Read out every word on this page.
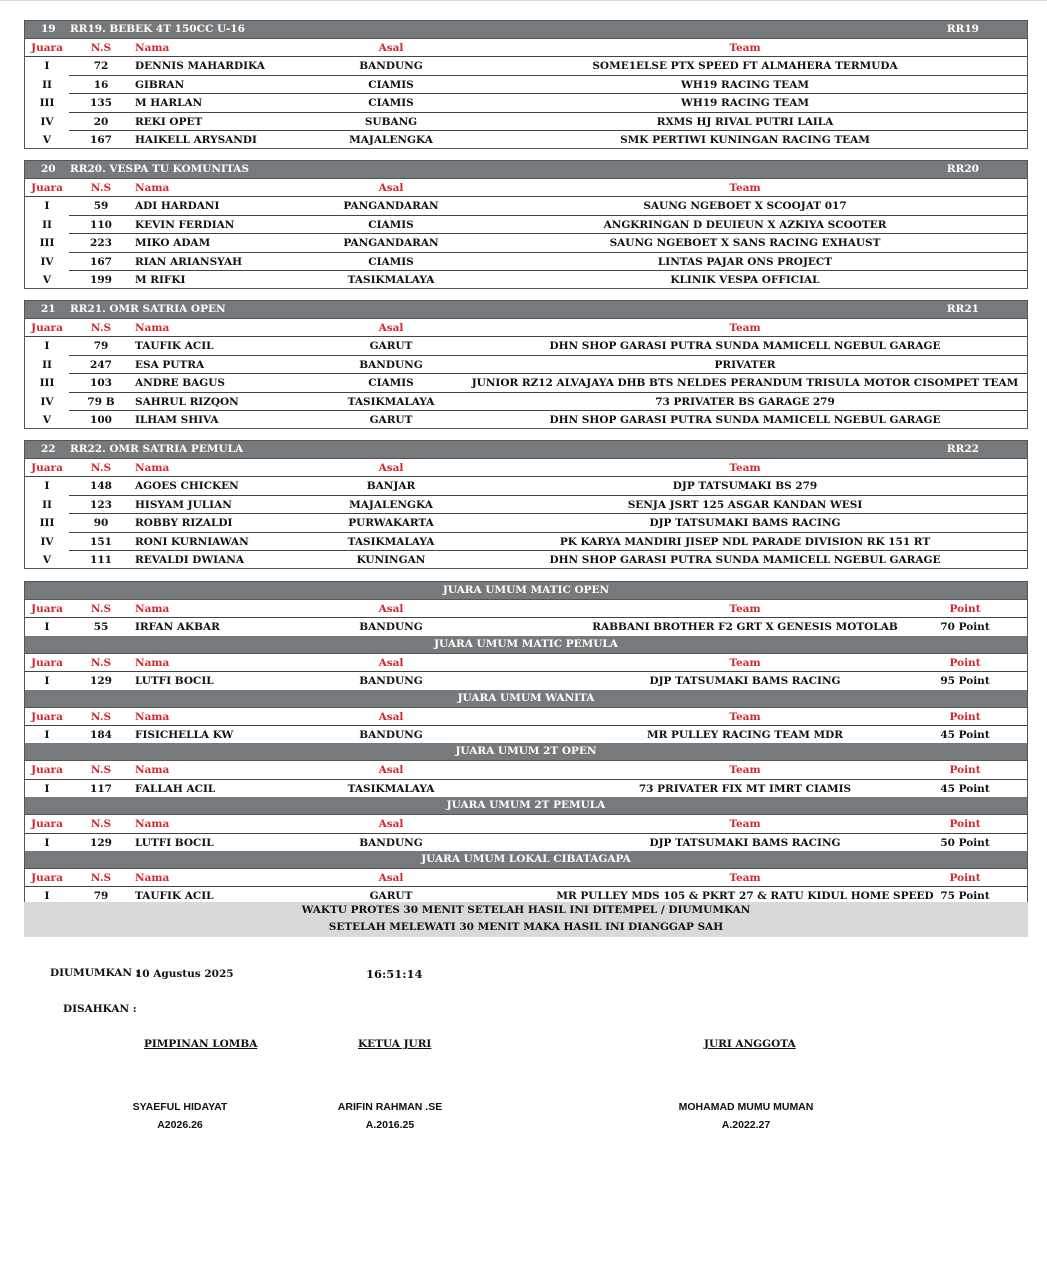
19 RR19. BEBEK 4T 150CC U-16	RR19
Juara	N.S	Nama	Asal	Team
I	72	DENNIS MAHARDIKA	BANDUNG	SOME1ELSE PTX SPEED FT ALMAHERA TERMUDA
II	16	GIBRAN	CIAMIS	WH19 RACING TEAM
III	135	M HARLAN	CIAMIS	WH19 RACING TEAM
IV	20	REKI OPET	SUBANG	RXMS HJ RIVAL PUTRI LAILA
V	167	HAIKELL ARYSANDI	MAJALENGKA	SMK PERTIWI KUNINGAN RACING TEAM
20 RR20. VESPA TU KOMUNITAS	RR20
Juara	N.S	Nama	Asal	Team
I	59	ADI HARDANI	PANGANDARAN	SAUNG NGEBOET X SCOOJAT 017
II	110	KEVIN FERDIAN	CIAMIS	ANGKRINGAN D DEUIEUN X AZKIYA SCOOTER
III	223	MIKO ADAM	PANGANDARAN	SAUNG NGEBOET X SANS RACING EXHAUST
IV	167	RIAN ARIANSYAH	CIAMIS	LINTAS PAJAR ONS PROJECT
V	199	M RIFKI	TASIKMALAYA	KLINIK VESPA OFFICIAL
21 RR21. OMR SATRIA OPEN	RR21
Juara	N.S	Nama	Asal	Team
I	79	TAUFIK ACIL	GARUT	DHN SHOP GARASI PUTRA SUNDA MAMICELL NGEBUL GARAGE
II	247	ESA PUTRA	BANDUNG	PRIVATER
III	103	ANDRE BAGUS	CIAMIS	JUNIOR RZ12 ALVAJAYA DHB BTS NELDES PERANDUM TRISULA MOTOR CISOMPET TEAM
IV	79 B	SAHRUL RIZQON	TASIKMALAYA	73 PRIVATER BS GARAGE 279
V	100	ILHAM SHIVA	GARUT	DHN SHOP GARASI PUTRA SUNDA MAMICELL NGEBUL GARAGE
22 RR22. OMR SATRIA PEMULA	RR22
Juara	N.S	Nama	Asal	Team
I	148	AGOES CHICKEN	BANJAR	DJP TATSUMAKI BS 279
II	123	HISYAM JULIAN	MAJALENGKA	SENJA JSRT 125 ASGAR KANDAN WESI
III	90	ROBBY RIZALDI	PURWAKARTA	DJP TATSUMAKI BAMS RACING
IV	151	RONI KURNIAWAN	TASIKMALAYA	PK KARYA MANDIRI JISEP NDL PARADE DIVISION RK 151 RT
V	111	REVALDI DWIANA	KUNINGAN	DHN SHOP GARASI PUTRA SUNDA MAMICELL NGEBUL GARAGE
JUARA UMUM MATIC OPEN
Juara	N.S	Nama	Asal	Team	Point
I	55	IRFAN AKBAR	BANDUNG	RABBANI BROTHER F2 GRT X GENESIS MOTOLAB	70 Point
JUARA UMUM MATIC PEMULA
Juara	N.S	Nama	Asal	Team	Point
I	129	LUTFI BOCIL	BANDUNG	DJP TATSUMAKI BAMS RACING	95 Point
JUARA UMUM WANITA
Juara	N.S	Nama	Asal	Team	Point
I	184	FISICHELLA KW	BANDUNG	MR PULLEY RACING TEAM MDR	45 Point
JUARA UMUM 2T OPEN
Juara	N.S	Nama	Asal	Team	Point
I	117	FALLAH ACIL	TASIKMALAYA	73 PRIVATER FIX MT IMRT CIAMIS	45 Point
JUARA UMUM 2T PEMULA
Juara	N.S	Nama	Asal	Team	Point
I	129	LUTFI BOCIL	BANDUNG	DJP TATSUMAKI BAMS RACING	50 Point
JUARA UMUM LOKAL CIBATAGAPA
Juara	N.S	Nama	Asal	Team	Point
I	79	TAUFIK ACIL	GARUT	MR PULLEY MDS 105 & PKRT 27 & RATU KIDUL HOME SPEED 75 Point
WAKTU PROTES 30 MENIT SETELAH HASIL INI DITEMPEL / DIUMUMKAN
SETELAH MELEWATI 30 MENIT MAKA HASIL INI DIANGGAP SAH
DIUMUMKAN :
10 Agustus 2025	16:51:14
DISAHKAN :
PIMPINAN LOMBA	KETUA JURI	JURI ANGGOTA
SYAEFUL HIDAYAT	ARIFIN RAHMAN .SE	MOHAMAD MUMU MUMAN
A2026.26	A.2016.25	A.2022.27
